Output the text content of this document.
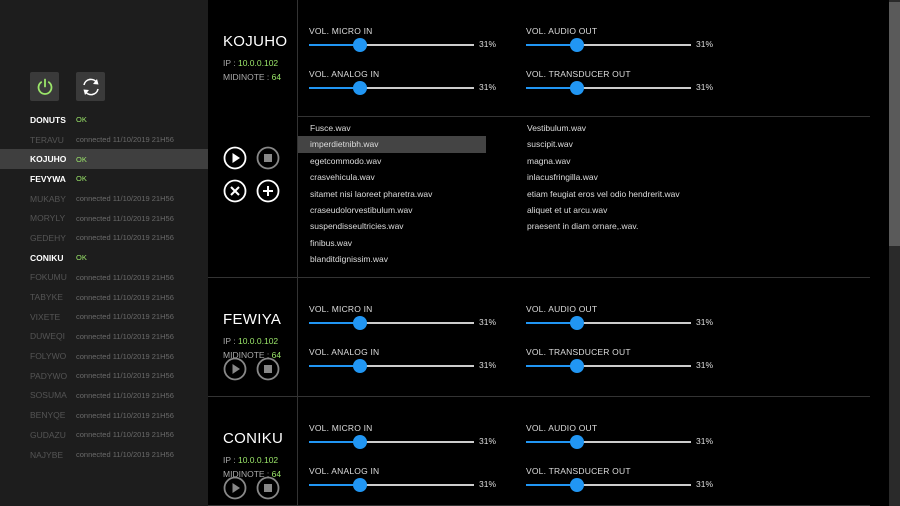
DONUTS	OK
TERAVU	connected 11/10/2019 21H56
KOJUHO	OK
FEVYWA	OK
MUKABY	connected 11/10/2019 21H56
MORYLY	connected 11/10/2019 21H56
GEDEHY	connected 11/10/2019 21H56
CONIKU	OK
FOKUMU	connected 11/10/2019 21H56
TABYKE	connected 11/10/2019 21H56
VIXETE	connected 11/10/2019 21H56
DUWEQI	connected 11/10/2019 21H56
FOLYWO	connected 11/10/2019 21H56
PADYWO	connected 11/10/2019 21H56
SOSUMA	connected 11/10/2019 21H56
BENYQE	connected 11/10/2019 21H56
GUDAZU	connected 11/10/2019 21H56
NAJYBE	connected 11/10/2019 21H56
KOJUHO
IP : 10.0.0.102
MIDINOTE : 64
VOL. MICRO IN
31%
VOL. AUDIO OUT
31%
VOL. ANALOG IN
31%
VOL. TRANSDUCER OUT
31%
Fusce.wav
imperdietnibh.wav
egetcommodo.wav
crasvehicula.wav
sitamet nisi laoreet pharetra.wav
craseudolorvestibulum.wav
suspendisseultricies.wav
finibus.wav
blanditdignissim.wav
Vestibulum.wav
suscipit.wav
magna.wav
inlacusfringilla.wav
etiam feugiat eros vel odio hendrerit.wav
aliquet et ut arcu.wav
praesent in diam ornare,.wav.
FEWIYA
IP : 10.0.0.102
MIDINOTE : 64
VOL. MICRO IN
31%
VOL. AUDIO OUT
31%
VOL. ANALOG IN
31%
VOL. TRANSDUCER OUT
31%
CONIKU
IP : 10.0.0.102
MIDINOTE : 64
VOL. MICRO IN
31%
VOL. AUDIO OUT
31%
VOL. ANALOG IN
31%
VOL. TRANSDUCER OUT
31%
